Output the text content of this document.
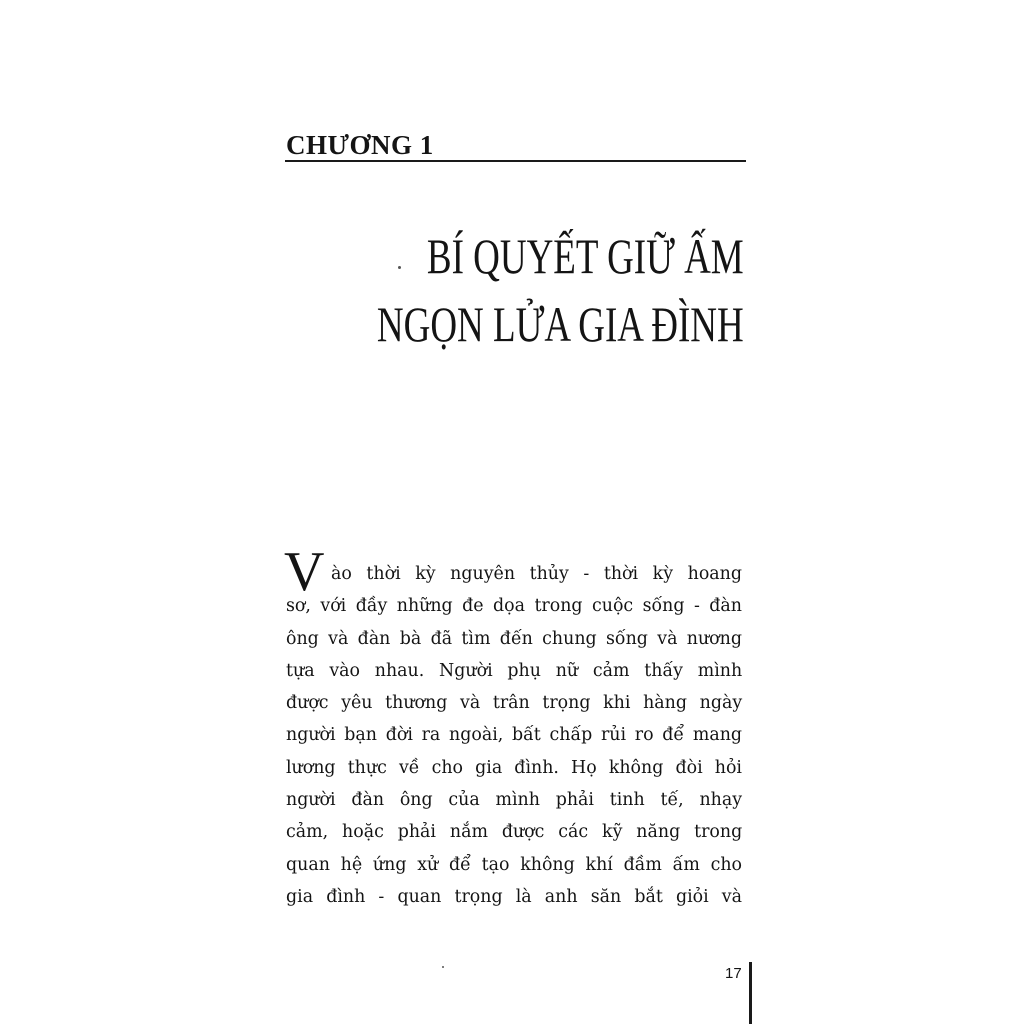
CHƯƠNG 1
BÍ QUYẾT GIỮ ẤM
NGỌN LỬA GIA ĐÌNH
V ào thời kỳ nguyên thủy - thời kỳ hoang
sơ, với đầy những đe dọa trong cuộc sống - đàn
ông và đàn bà đã tìm đến chung sống và nương
tựa vào nhau. Người phụ nữ cảm thấy mình
được yêu thương và trân trọng khi hàng ngày
người bạn đời ra ngoài, bất chấp rủi ro để mang
lương thực về cho gia đình. Họ không đòi hỏi
người đàn ông của mình phải tinh tế, nhạy
cảm, hoặc phải nắm được các kỹ năng trong
quan hệ ứng xử để tạo không khí đầm ấm cho
gia đình - quan trọng là anh săn bắt giỏi và
17
